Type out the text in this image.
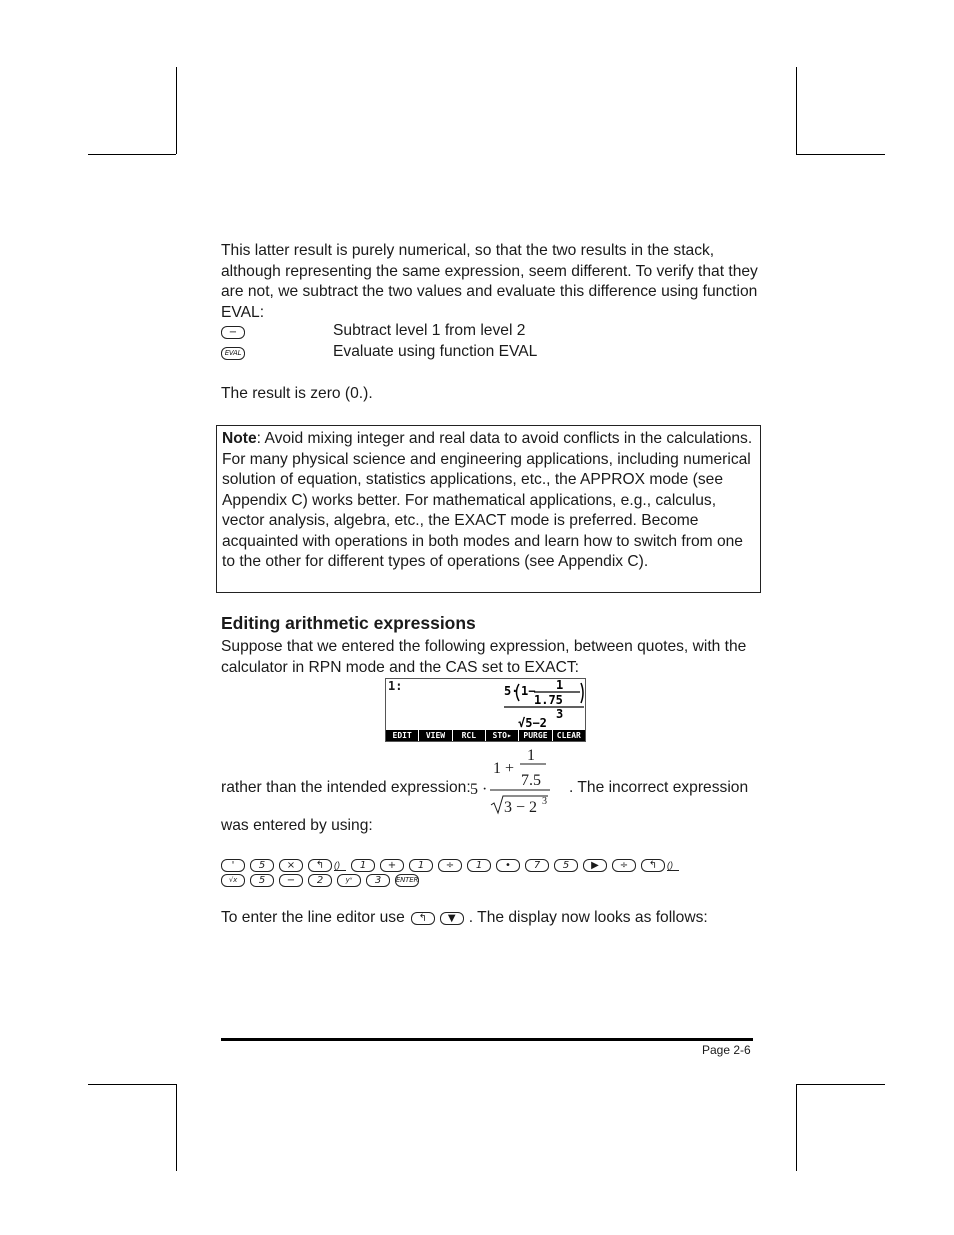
This latter result is purely numerical, so that the two results in the stack, although representing the same expression, seem different. To verify that they are not, we subtract the two values and evaluate this difference using function EVAL:

−	Subtract level 1 from level 2
EVAL	Evaluate using function EVAL

The result is zero (0.).

Note: Avoid mixing integer and real data to avoid conflicts in the calculations. For many physical science and engineering applications, including numerical solution of equation, statistics applications, etc., the APPROX mode (see Appendix C) works better. For mathematical applications, e.g., calculus, vector analysis, algebra, etc., the EXACT mode is preferred. Become acquainted with operations in both modes and learn how to switch from one to the other for different types of operations (see Appendix C).
Editing arithmetic expressions

Suppose that we entered the following expression, between quotes, with the calculator in RPN mode and the CAS set to EXACT:

1:	5· 1− 1
1.75
3
√5−2
EDIT	VIEW	RCL	STO▸	PURGE	CLEAR
rather than the intended expression: 5 ·
1 +
1
7.5
3 − 2 3
. The incorrect expression

was entered by using:

'	5	×	↰	()	1	+	1	÷	1	•	7	5	▶	÷	↰	()
√x	5	−	2	yˣ	3	ENTER
To enter the line editor use	↰	▼ . The display now looks as follows:
Page 2-6
